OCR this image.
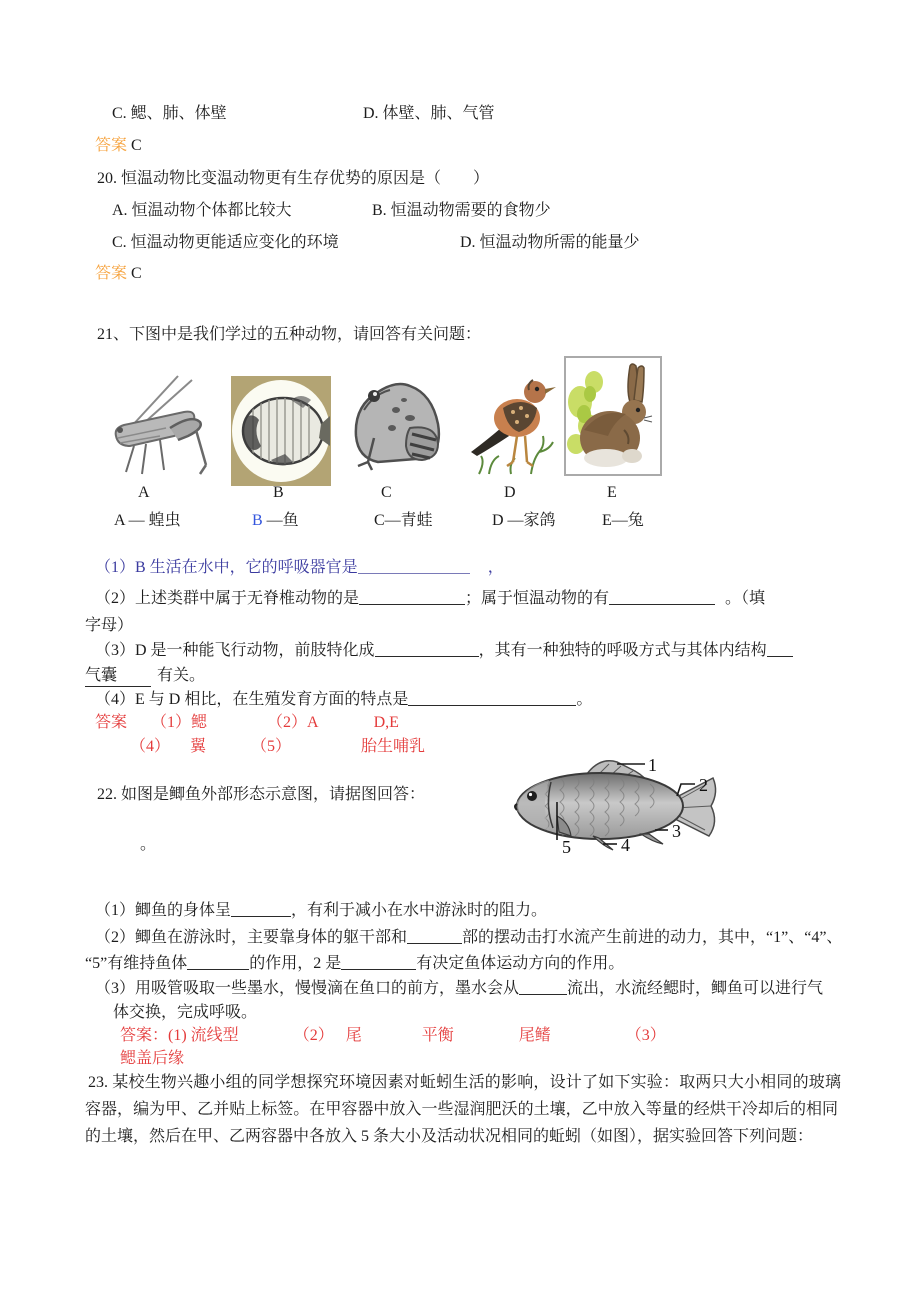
C. 鳃、肺、体壁	D. 体壁、肺、气管
答案 C
20. 恒温动物比变温动物更有生存优势的原因是（　　）
A. 恒温动物个体都比较大	B. 恒温动物需要的食物少
C. 恒温动物更能适应变化的环境	D. 恒温动物所需的能量少
答案 C
21、下图中是我们学过的五种动物，请回答有关问题：
A	B	C	D	E
A — 蝗虫	B —鱼	C—青蛙	D —家鸽	E—兔
（1）B 生活在水中，它的呼吸器官是	，
（2）上述类群中属于无脊椎动物的是	；属于恒温动物的有	。（填
字母）
（3）D 是一种能飞行动物，前肢特化成	，其有一种独特的呼吸方式与其体内结构
气囊	有关。
（4）E 与 D 相比，在生殖发育方面的特点是	。
答案 （1）鳃	（2）A	D,E
（4） 翼	（5）	胎生哺乳
22. 如图是鲫鱼外部形态示意图，请据图回答：
。
1
2
3
4
5
（1）鲫鱼的身体呈	，有利于减小在水中游泳时的阻力。
（2）鲫鱼在游泳时，主要靠身体的躯干部和	部的摆动击打水流产生前进的动力，其中，“1”、“4”、
“5”有维持鱼体	的作用，2 是	有决定鱼体运动方向的作用。
（3）用吸管吸取一些墨水，慢慢滴在鱼口的前方，墨水会从	流出，水流经鳃时，鲫鱼可以进行气
体交换，完成呼吸。
答案：(1) 流线型	（2） 尾	平衡	尾鳍	（3）
鳃盖后缘
23. 某校生物兴趣小组的同学想探究环境因素对蚯蚓生活的影响，设计了如下实验：取两只大小相同的玻璃
容器，编为甲、乙并贴上标签。在甲容器中放入一些湿润肥沃的土壤，乙中放入等量的经烘干冷却后的相同
的土壤，然后在甲、乙两容器中各放入 5 条大小及活动状况相同的蚯蚓（如图），据实验回答下列问题：
